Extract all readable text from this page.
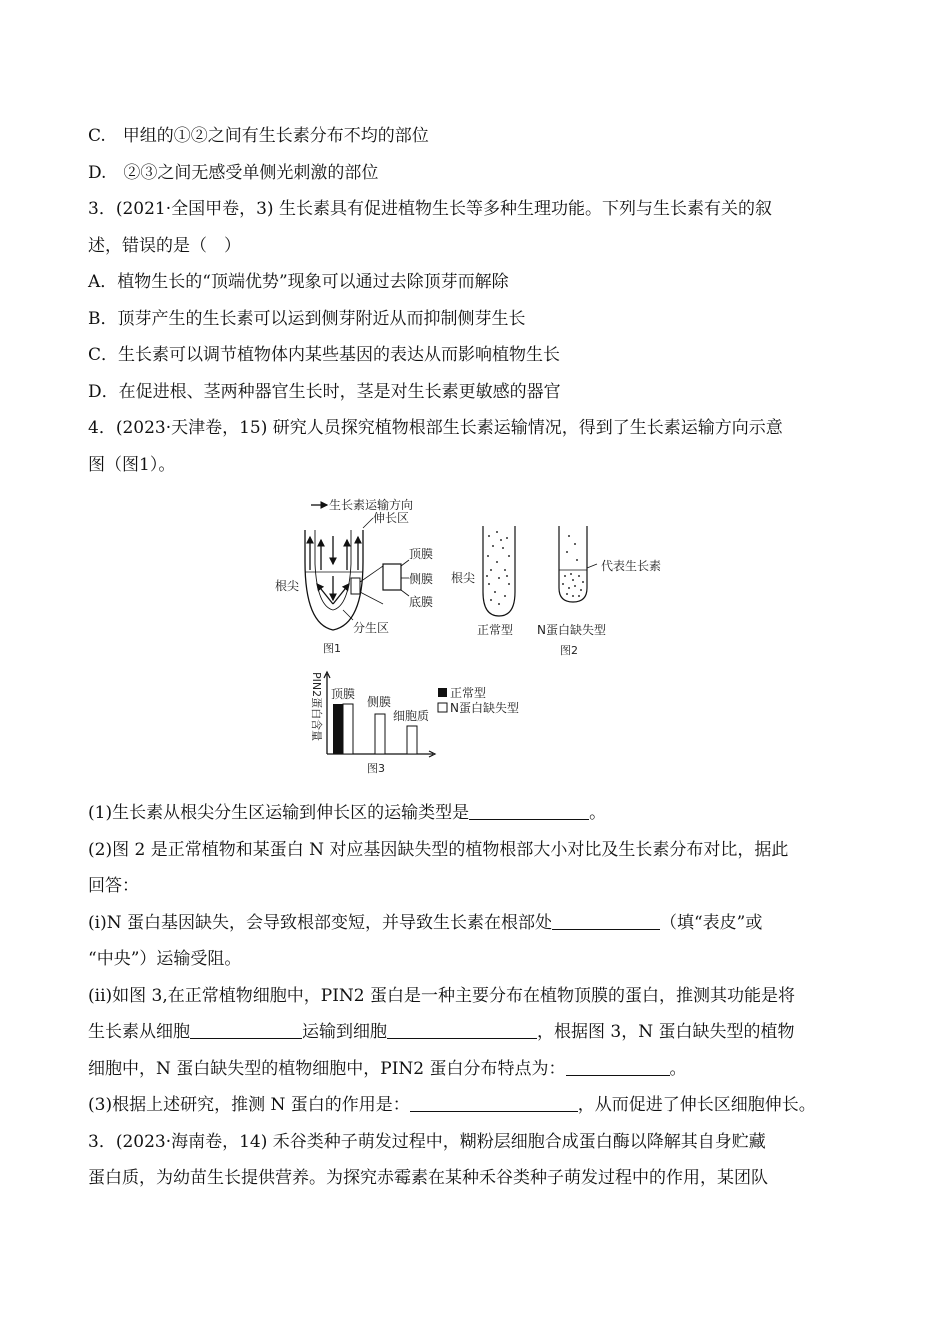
C.　甲组的①②之间有生长素分布不均的部位
D.　②③之间无感受单侧光刺激的部位
3．(2021·全国甲卷，3) 生长素具有促进植物生长等多种生理功能。下列与生长素有关的叙
述，错误的是（　）
A．植物生长的“顶端优势”现象可以通过去除顶芽而解除
B．顶芽产生的生长素可以运到侧芽附近从而抑制侧芽生长
C．生长素可以调节植物体内某些基因的表达从而影响植物生长
D．在促进根、茎两种器官生长时，茎是对生长素更敏感的器官
4．(2023·天津卷，15) 研究人员探究植物根部生长素运输情况，得到了生长素运输方向示意
图（图1）。
(1)生长素从根尖分生区运输到伸长区的运输类型是	。
(2)图 2 是正常植物和某蛋白 N 对应基因缺失型的植物根部大小对比及生长素分布对比，据此
回答：
(i)N 蛋白基因缺失，会导致根部变短，并导致生长素在根部处	（填“表皮”或
“中央”）运输受阻。
(ii)如图 3,在正常植物细胞中，PIN2 蛋白是一种主要分布在植物顶膜的蛋白，推测其功能是将
生长素从细胞	运输到细胞	，根据图 3，N 蛋白缺失型的植物
细胞中，N 蛋白缺失型的植物细胞中，PIN2 蛋白分布特点为：	。
(3)根据上述研究，推测 N 蛋白的作用是：	，从而促进了伸长区细胞伸长。
3．(2023·海南卷，14) 禾谷类种子萌发过程中，糊粉层细胞合成蛋白酶以降解其自身贮藏
蛋白质，为幼苗生长提供营养。为探究赤霉素在某种禾谷类种子萌发过程中的作用，某团队
生长素运输方向
伸长区
根尖
顶膜
侧膜
底膜
分生区
图1
根尖
代表生长素
正常型 N蛋白缺失型
图2
PIN2蛋白含量 顶膜
侧膜
细胞质
正常型
N蛋白缺失型
图3
